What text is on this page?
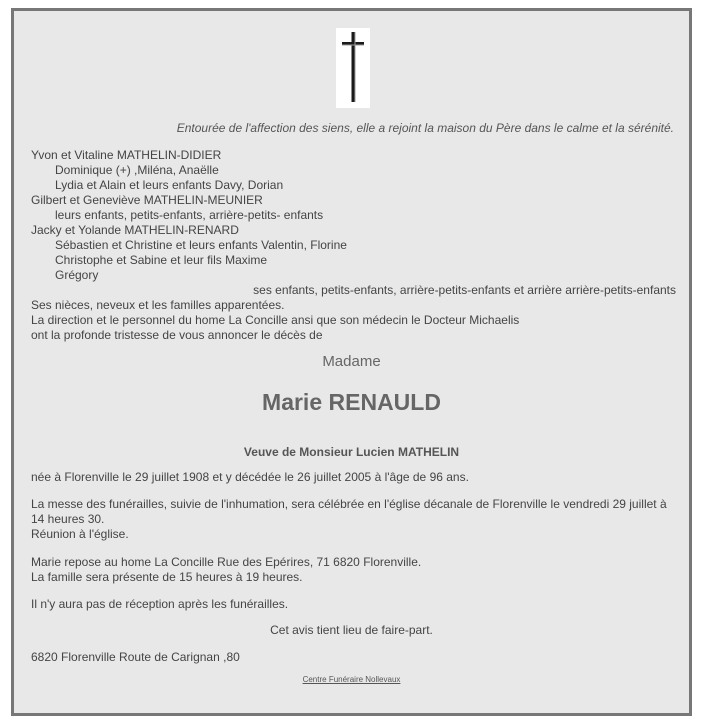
Entourée de l'affection des siens, elle a rejoint la maison du Père dans le calme et la sérénité.
Yvon et Vitaline MATHELIN-DIDIER
Dominique (+) ,Miléna, Anaëlle
Lydia et Alain et leurs enfants Davy, Dorian
Gilbert et Geneviève MATHELIN-MEUNIER
leurs enfants, petits-enfants, arrière-petits- enfants
Jacky et Yolande MATHELIN-RENARD
Sébastien et Christine et leurs enfants Valentin, Florine
Christophe et Sabine et leur fils Maxime
Grégory
ses enfants, petits-enfants, arrière-petits-enfants et arrière arrière-petits-enfants
Ses nièces, neveux et les familles apparentées.
La direction et le personnel du home La Concille ansi que son médecin le Docteur Michaelis
ont la profonde tristesse de vous annoncer le décès de
Madame
Marie RENAULD
Veuve de Monsieur Lucien MATHELIN
née à Florenville le 29 juillet 1908 et y décédée le 26 juillet 2005 à l'âge de 96 ans.
La messe des funérailles, suivie de l'inhumation, sera célébrée en l'église décanale de Florenville le vendredi 29 juillet à 14 heures 30.
Réunion à l'église.
Marie repose au home La Concille Rue des Epérires, 71 6820 Florenville.
La famille sera présente de 15 heures à 19 heures.
Il n'y aura pas de réception après les funérailles.
Cet avis tient lieu de faire-part.
6820 Florenville Route de Carignan ,80
Centre Funéraire Nollevaux
